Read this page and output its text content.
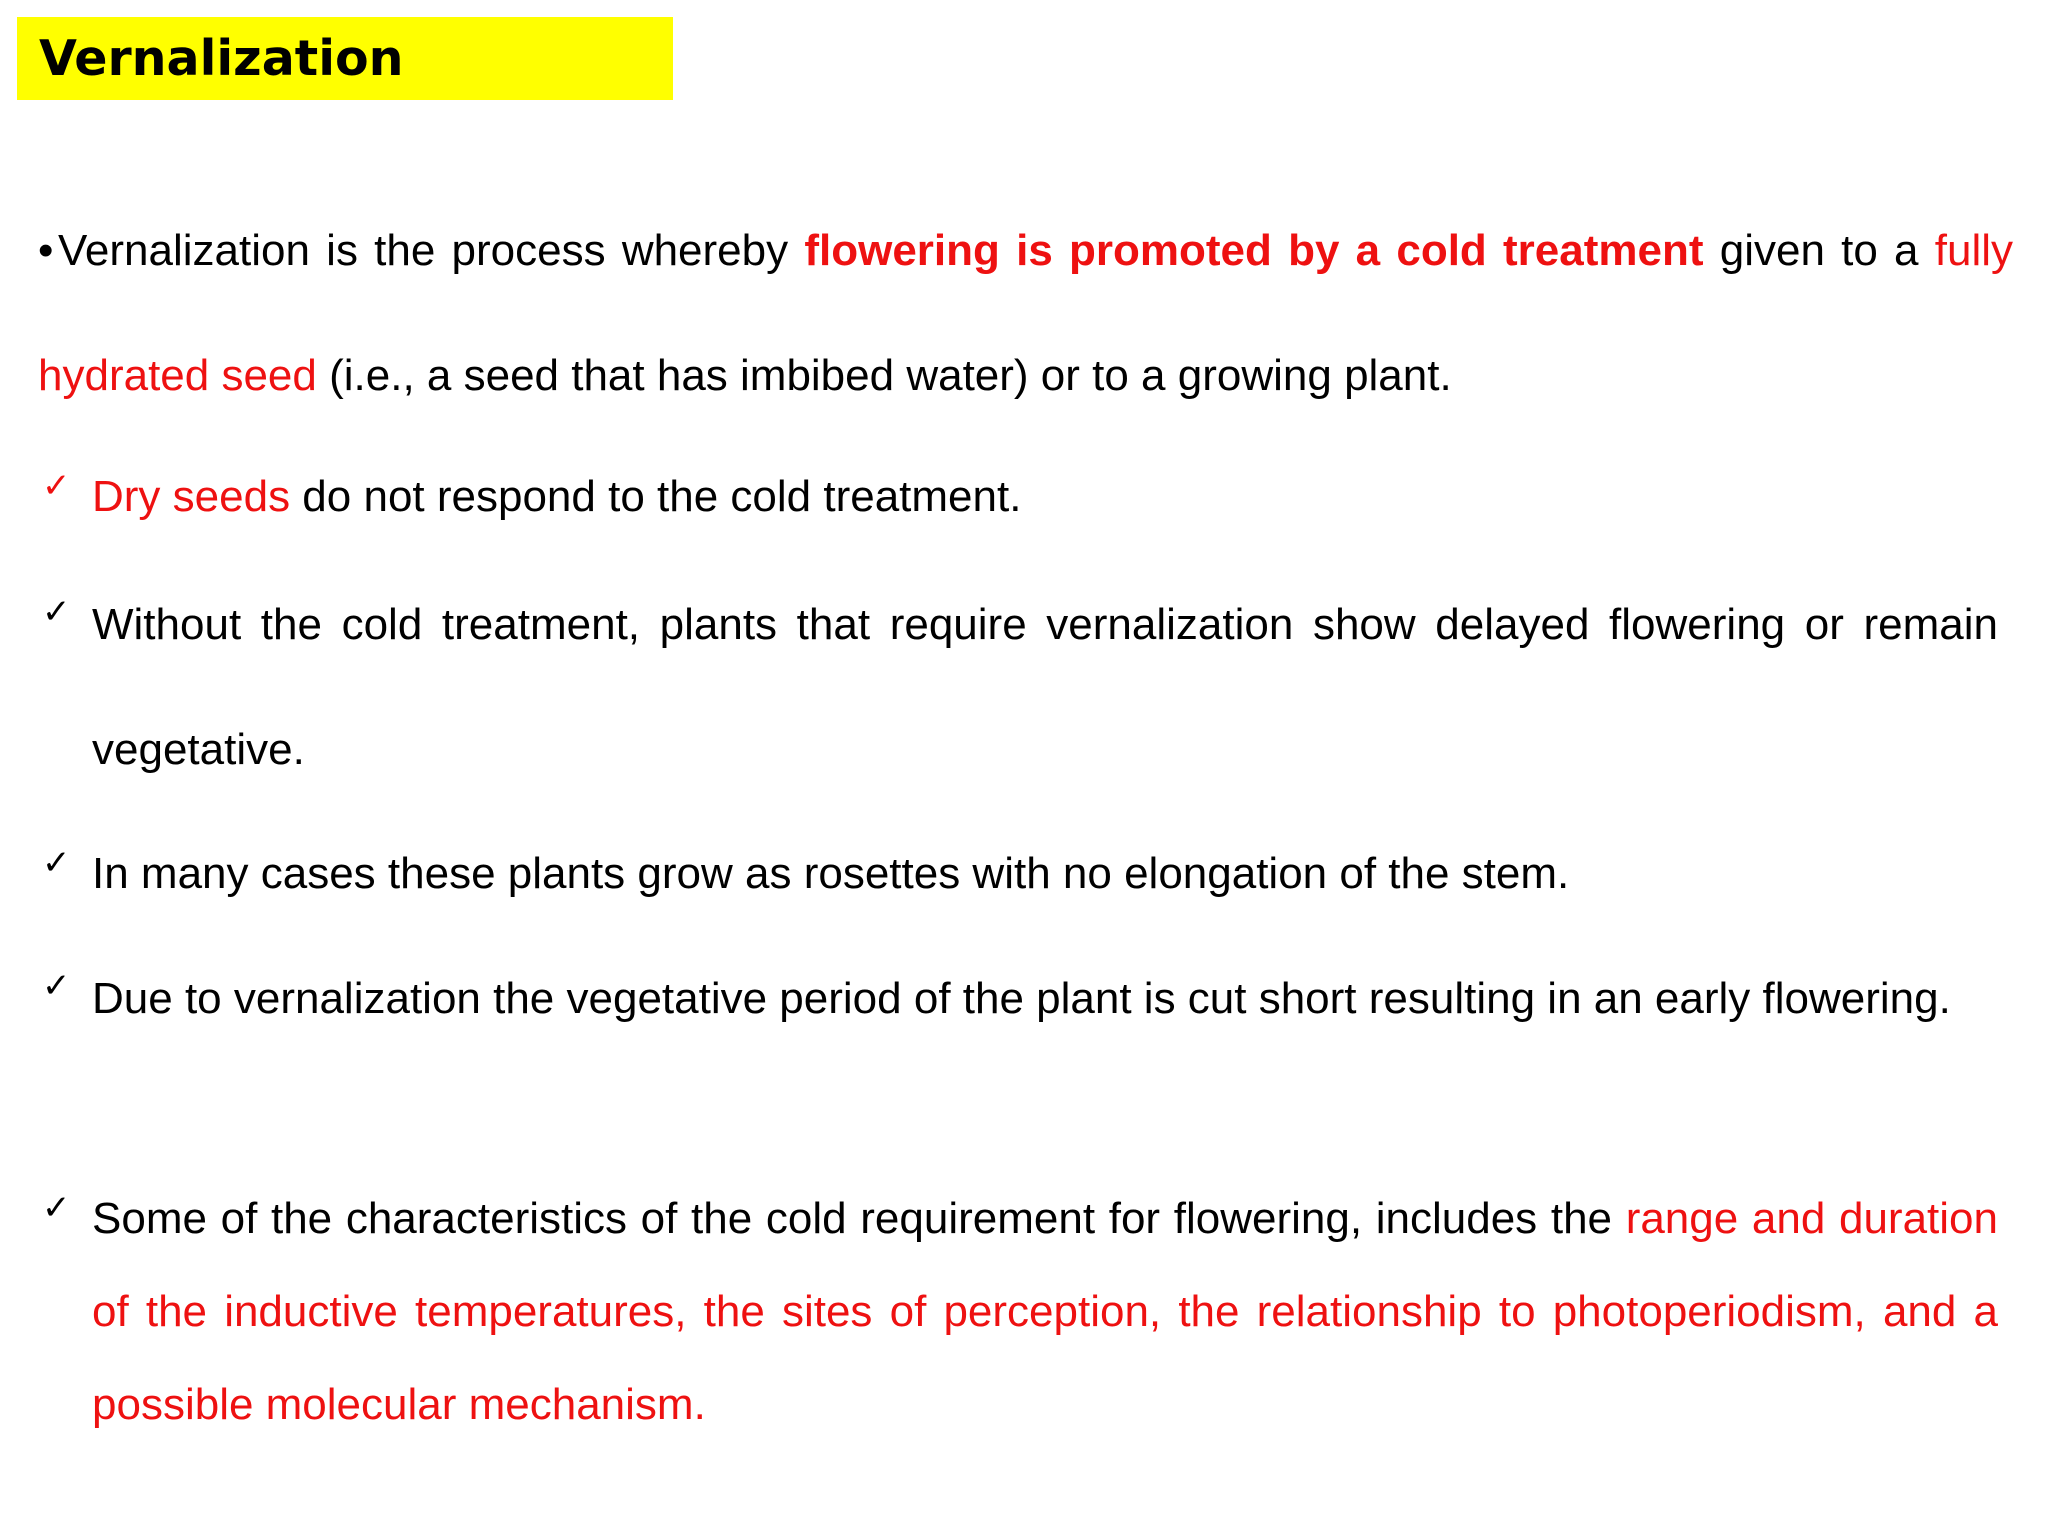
Vernalization
• Vernalization is the process whereby flowering is promoted by a cold treatment given to a fully hydrated seed (i.e., a seed that has imbibed water) or to a growing plant.
✓ Dry seeds do not respond to the cold treatment.
✓ Without the cold treatment, plants that require vernalization show delayed flowering or remain vegetative.
✓ In many cases these plants grow as rosettes with no elongation of the stem.
✓ Due to vernalization the vegetative period of the plant is cut short resulting in an early flowering.
✓ Some of the characteristics of the cold requirement for flowering, includes the range and duration of the inductive temperatures, the sites of perception, the relationship to photoperiodism, and a possible molecular mechanism.
